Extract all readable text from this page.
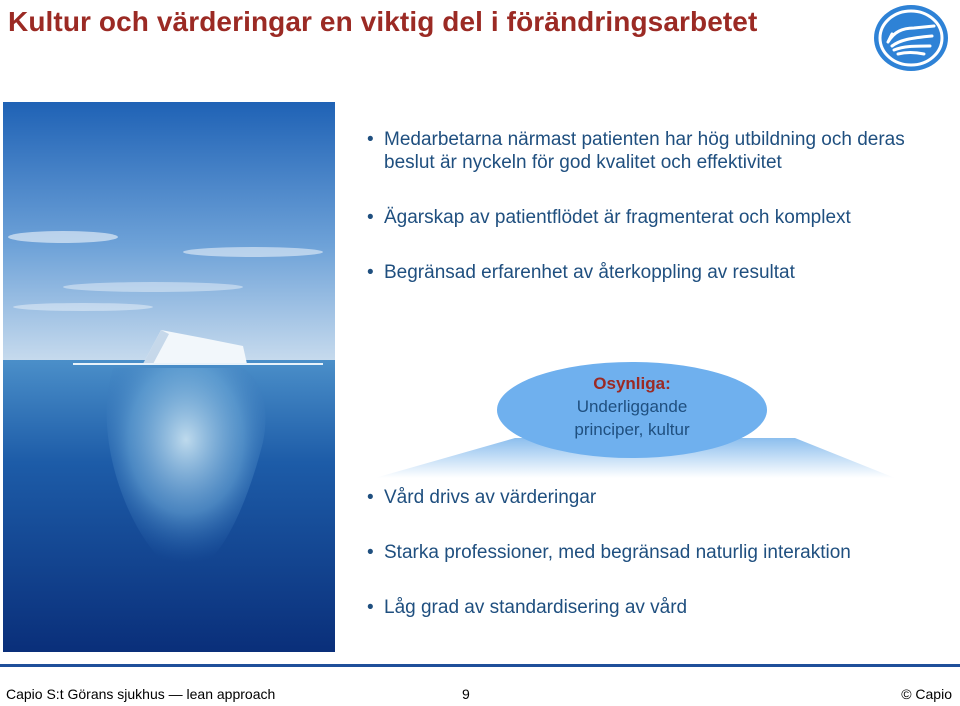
Kultur och värderingar en viktig del i förändringsarbetet
• Medarbetarna närmast patienten har hög utbildning och deras beslut är nyckeln för god kvalitet och effektivitet
• Ägarskap av patientflödet är fragmenterat och komplext
• Begränsad erfarenhet av återkoppling av resultat
Osynliga:
Underliggande
principer, kultur
• Vård drivs av värderingar
• Starka professioner, med begränsad naturlig interaktion
• Låg grad av standardisering av vård
Capio S:t Görans sjukhus — lean approach	9	© Capio
